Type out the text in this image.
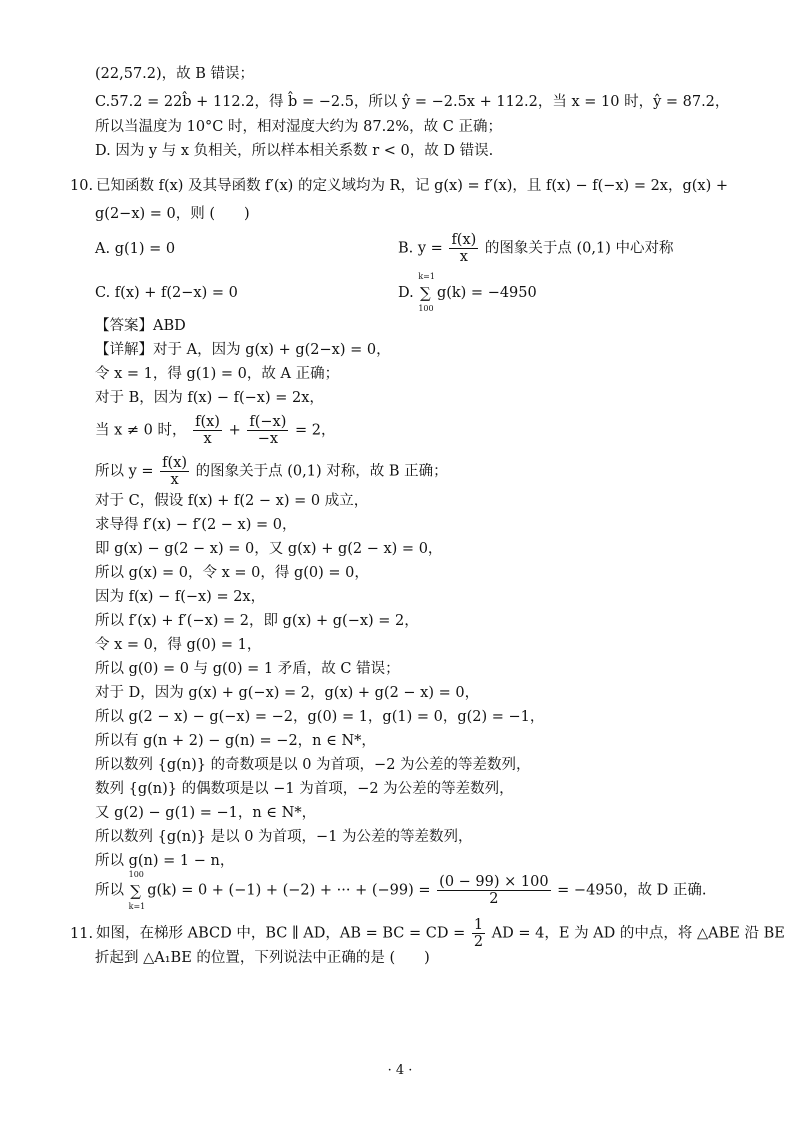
(22,57.2)，故 B 错误；
C.57.2 = 22b̂ + 112.2，得 b̂ = −2.5，所以 ŷ = −2.5x + 112.2，当 x = 10 时，ŷ = 87.2，
所以当温度为 10°C 时，相对湿度大约为 87.2%，故 C 正确；
D. 因为 y 与 x 负相关，所以样本相关系数 r < 0，故 D 错误.
10. 已知函数 f(x) 及其导函数 f′(x) 的定义域均为 R，记 g(x) = f′(x)，且 f(x) − f(−x) = 2x，g(x) +
g(2−x) = 0，则 (　　)
A. g(1) = 0	B. $y = \frac{f(x)}{x}$ 的图象关于点 (0,1) 中心对称
C. f(x) + f(2−x) = 0	D. ∑
k=1
100
g(k) = −4950
【答案】ABD
【详解】对于 A，因为 g(x) + g(2−x) = 0，
令 x = 1，得 g(1) = 0，故 A 正确；
对于 B，因为 f(x) − f(−x) = 2x，
当 x ≠ 0 时， $\frac{f(x)}{x} + \frac{f(-x)}{-x} = 2$，
所以 $y = \frac{f(x)}{x}$ 的图象关于点 (0,1) 对称，故 B 正确；
对于 C，假设 f(x) + f(2 − x) = 0 成立，
求导得 f′(x) − f′(2 − x) = 0，
即 g(x) − g(2 − x) = 0，又 g(x) + g(2 − x) = 0，
所以 g(x) = 0，令 x = 0，得 g(0) = 0，
因为 f(x) − f(−x) = 2x，
所以 f′(x) + f′(−x) = 2，即 g(x) + g(−x) = 2，
令 x = 0，得 g(0) = 1，
所以 g(0) = 0 与 g(0) = 1 矛盾，故 C 错误；
对于 D，因为 g(x) + g(−x) = 2，g(x) + g(2 − x) = 0，
所以 g(2 − x) − g(−x) = −2，g(0) = 1，g(1) = 0，g(2) = −1，
所以有 g(n + 2) − g(n) = −2，n ∈ N*，
所以数列 {g(n)} 的奇数项是以 0 为首项，−2 为公差的等差数列，
数列 {g(n)} 的偶数项是以 −1 为首项，−2 为公差的等差数列，
又 g(2) − g(1) = −1，n ∈ N*，
所以数列 {g(n)} 是以 0 为首项，−1 为公差的等差数列，
所以 g(n) = 1 − n，
所以 ∑
100
k=1
g(k) = 0 + (−1) + (−2) + ··· + $(-99) = \frac{(0 - 99) \times 100}{2} = -4950$，故 D 正确.
11. 如图，在梯形 ABCD 中，BC ∥ AD，AB = BC = CD = $\frac{1}{2}$ AD = 4，E 为 AD 的中点，将 △ABE 沿 BE
折起到 △A₁BE 的位置，下列说法中正确的是 (　　)
· 4 ·
